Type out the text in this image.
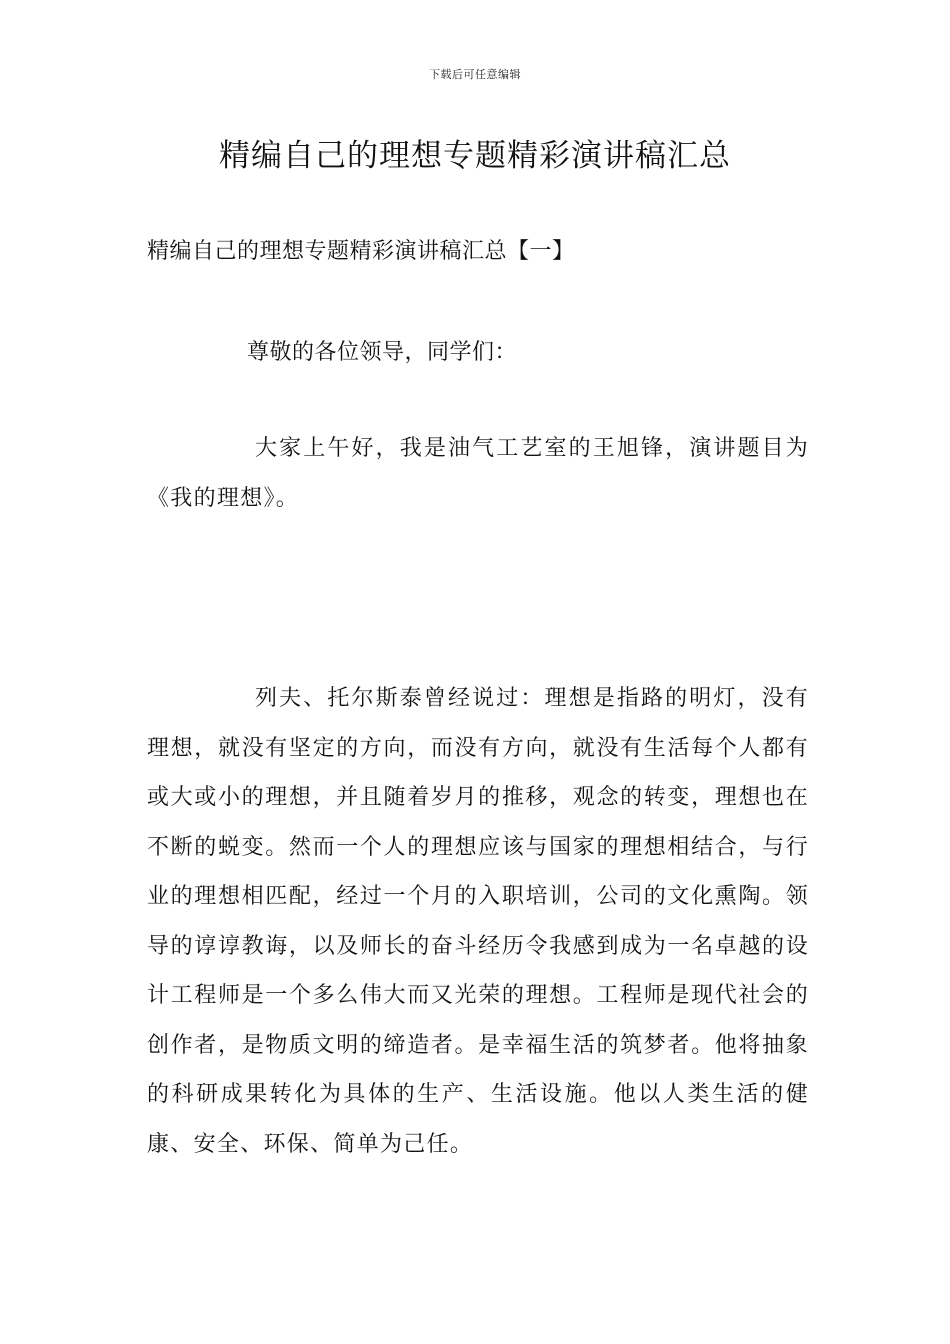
下载后可任意编辑
精编自己的理想专题精彩演讲稿汇总
精编自己的理想专题精彩演讲稿汇总【一】
尊敬的各位领导，同学们：

大家上午好，我是油气工艺室的王旭锋，演讲题目为《我的理想》。

列夫、托尔斯泰曾经说过：理想是指路的明灯，没有理想，就没有坚定的方向，而没有方向，就没有生活每个人都有或大或小的理想，并且随着岁月的推移，观念的转变，理想也在不断的蜕变。然而一个人的理想应该与国家的理想相结合，与行业的理想相匹配，经过一个月的入职培训，公司的文化熏陶。领导的谆谆教诲，以及师长的奋斗经历令我感到成为一名卓越的设计工程师是一个多么伟大而又光荣的理想。工程师是现代社会的创作者，是物质文明的缔造者。是幸福生活的筑梦者。他将抽象的科研成果转化为具体的生产、生活设施。他以人类生活的健康、安全、环保、简单为己任。
